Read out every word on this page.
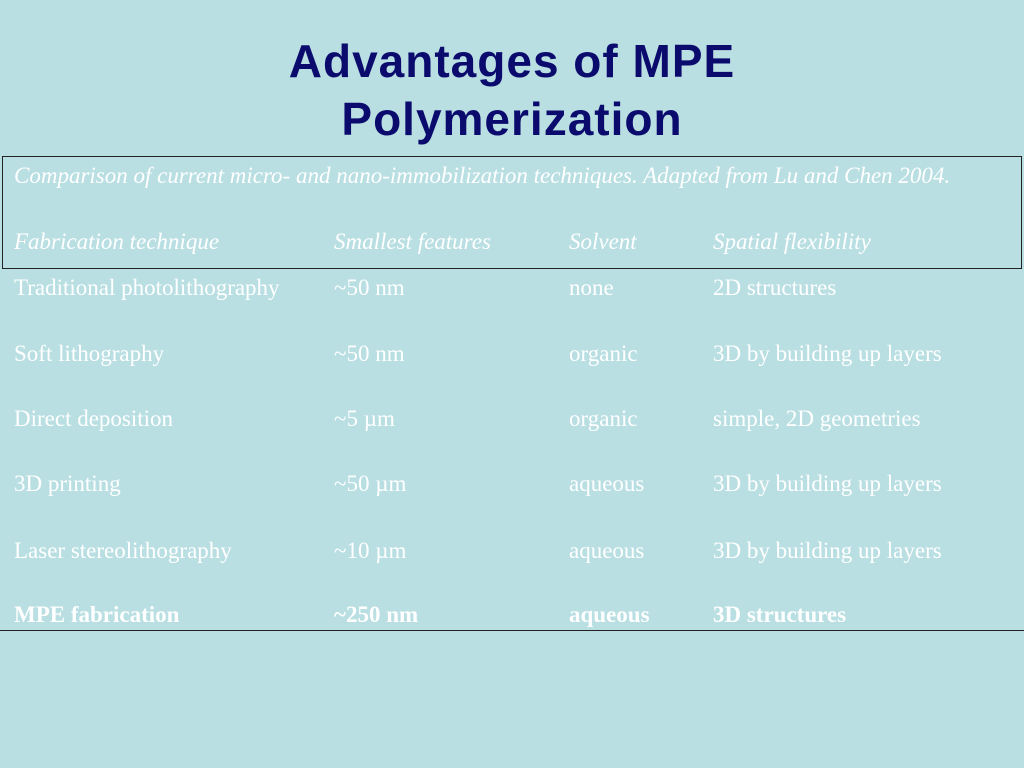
Advantages of MPE
Polymerization
Comparison of current micro- and nano-immobilization techniques. Adapted from Lu and Chen 2004.
Fabrication technique	Smallest features	Solvent	Spatial flexibility
Traditional photolithography	~50 nm	none	2D structures
Soft lithography	~50 nm	organic	3D by building up layers
Direct deposition	~5 µm	organic	simple, 2D geometries
3D printing	~50 µm	aqueous	3D by building up layers
Laser stereolithography	~10 µm	aqueous	3D by building up layers
MPE fabrication	~250 nm	aqueous	3D structures
